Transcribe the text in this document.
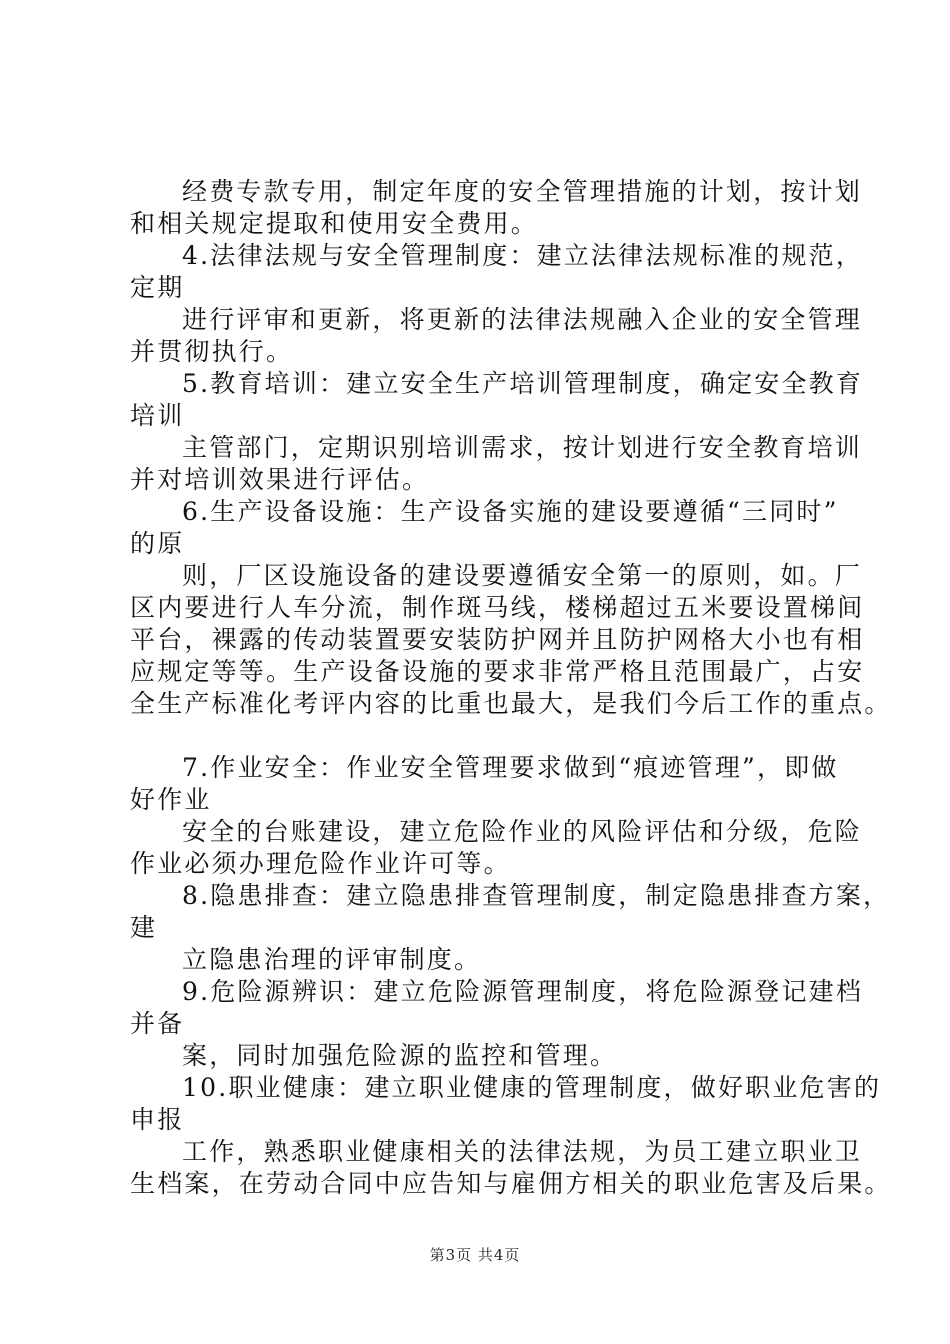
经费专款专用，制定年度的安全管理措施的计划，按计划
和相关规定提取和使用安全费用。
4.法律法规与安全管理制度：建立法律法规标准的规范，
定期
进行评审和更新，将更新的法律法规融入企业的安全管理
并贯彻执行。
5.教育培训：建立安全生产培训管理制度，确定安全教育
培训
主管部门，定期识别培训需求，按计划进行安全教育培训
并对培训效果进行评估。
6.生产设备设施：生产设备实施的建设要遵循“三同时”
的原
则，厂区设施设备的建设要遵循安全第一的原则，如。厂
区内要进行人车分流，制作斑马线，楼梯超过五米要设置梯间
平台，裸露的传动装置要安装防护网并且防护网格大小也有相
应规定等等。生产设备设施的要求非常严格且范围最广，占安
全生产标准化考评内容的比重也最大，是我们今后工作的重点。
7.作业安全：作业安全管理要求做到“痕迹管理”，即做
好作业
安全的台账建设，建立危险作业的风险评估和分级，危险
作业必须办理危险作业许可等。
8.隐患排查：建立隐患排查管理制度，制定隐患排查方案，
建
立隐患治理的评审制度。
9.危险源辨识：建立危险源管理制度，将危险源登记建档
并备
案，同时加强危险源的监控和管理。
10.职业健康：建立职业健康的管理制度，做好职业危害的
申报
工作，熟悉职业健康相关的法律法规，为员工建立职业卫
生档案，在劳动合同中应告知与雇佣方相关的职业危害及后果。
第3页 共4页
